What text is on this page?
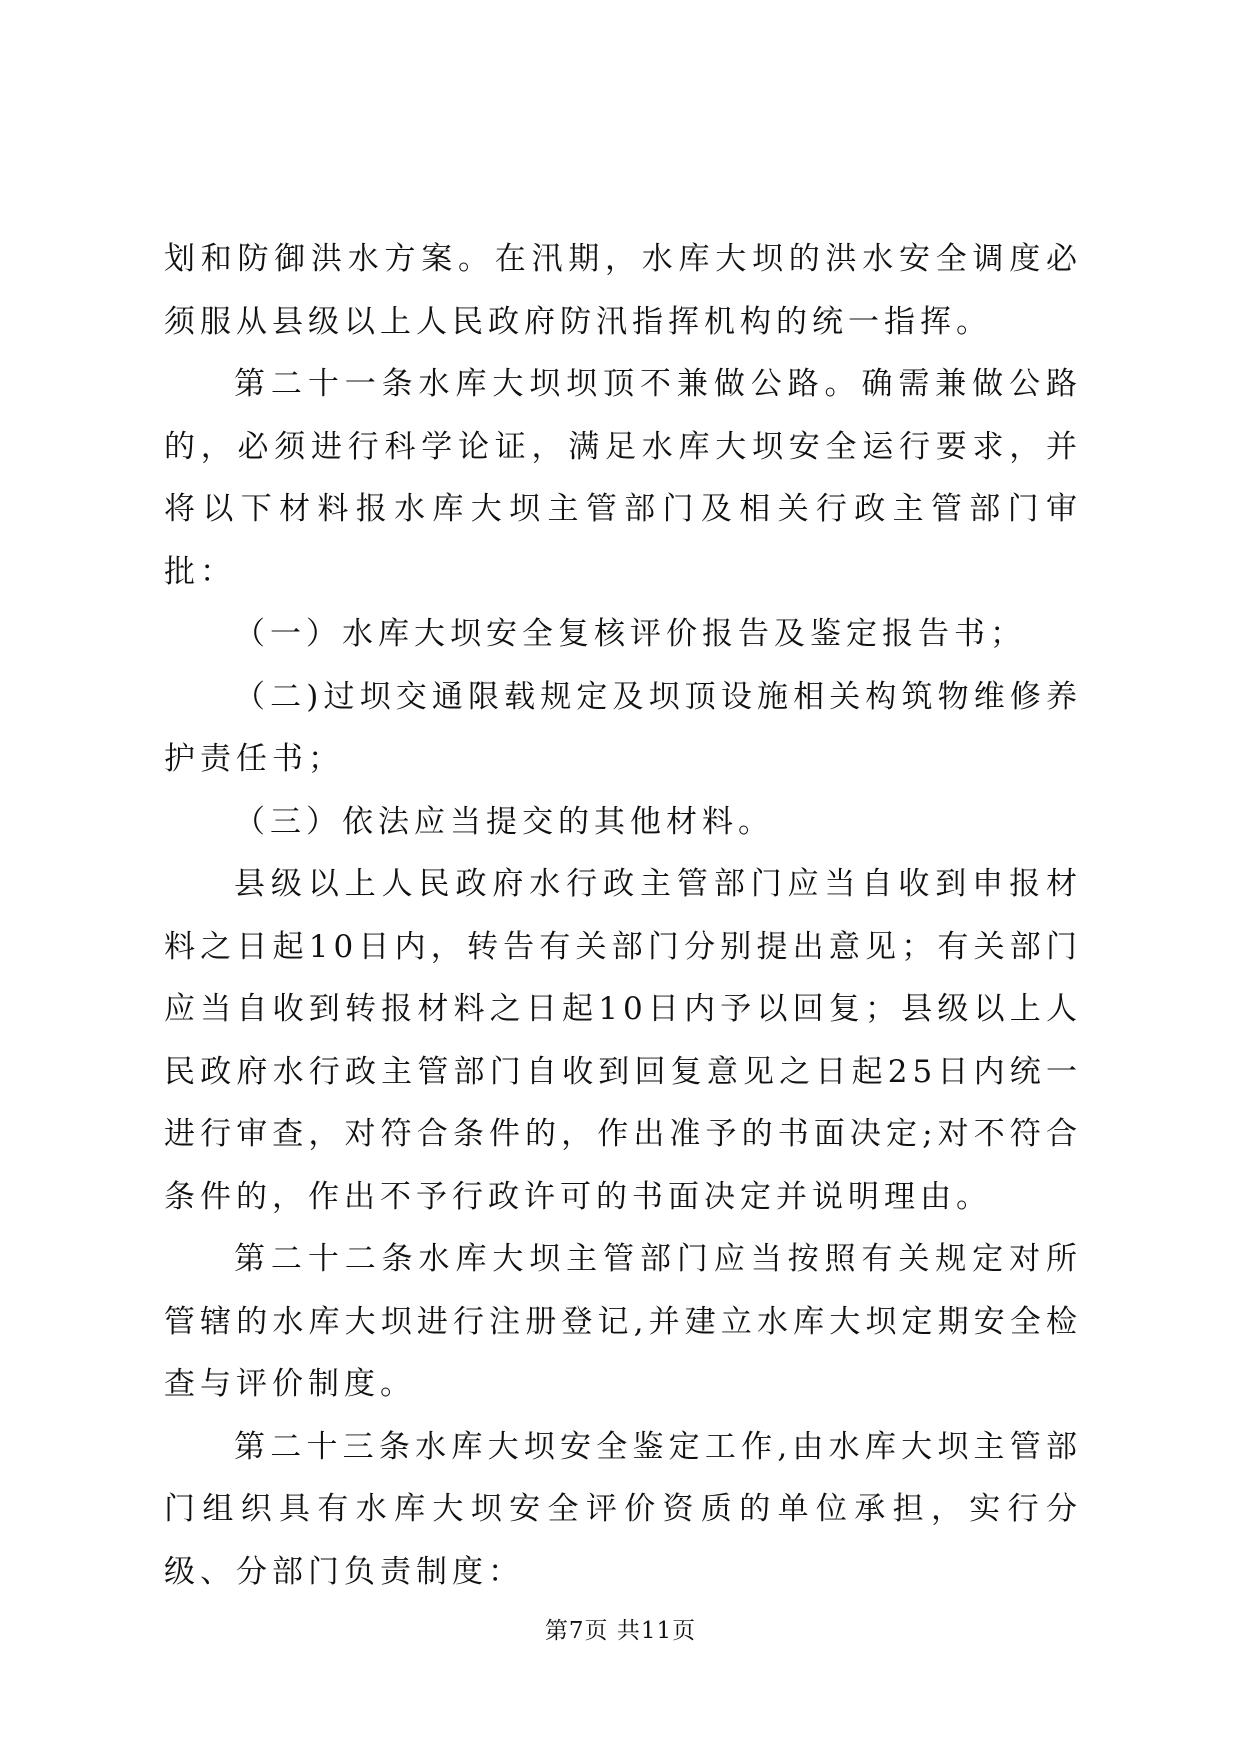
划和防御洪水方案。在汛期，水库大坝的洪水安全调度必须服从县级以上人民政府防汛指挥机构的统一指挥。

第二十一条水库大坝坝顶不兼做公路。确需兼做公路的，必须进行科学论证，满足水库大坝安全运行要求，并将以下材料报水库大坝主管部门及相关行政主管部门审批：

（一）水库大坝安全复核评价报告及鉴定报告书；

（二)过坝交通限载规定及坝顶设施相关构筑物维修养护责任书；

（三）依法应当提交的其他材料。

县级以上人民政府水行政主管部门应当自收到申报材料之日起10日内，转告有关部门分别提出意见；有关部门应当自收到转报材料之日起10日内予以回复；县级以上人民政府水行政主管部门自收到回复意见之日起25日内统一进行审查，对符合条件的，作出准予的书面决定;对不符合条件的，作出不予行政许可的书面决定并说明理由。

第二十二条水库大坝主管部门应当按照有关规定对所管辖的水库大坝进行注册登记,并建立水库大坝定期安全检查与评价制度。

第二十三条水库大坝安全鉴定工作,由水库大坝主管部门组织具有水库大坝安全评价资质的单位承担，实行分级、分部门负责制度：

第7页 共11页
